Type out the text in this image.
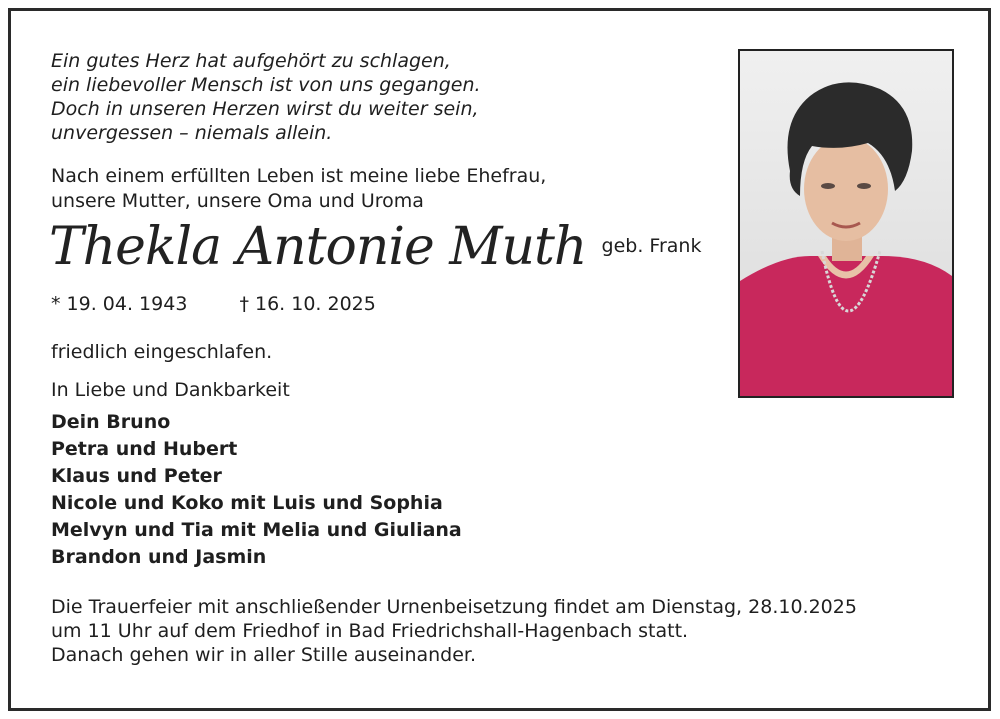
Ein gutes Herz hat aufgehört zu schlagen,
ein liebevoller Mensch ist von uns gegangen.
Doch in unseren Herzen wirst du weiter sein,
unvergessen – niemals allein.
Nach einem erfüllten Leben ist meine liebe Ehefrau,
unsere Mutter, unsere Oma und Uroma
Thekla Antonie Muth geb. Frank
* 19. 04. 1943	† 16. 10. 2025
friedlich eingeschlafen.
In Liebe und Dankbarkeit
Dein Bruno
Petra und Hubert
Klaus und Peter
Nicole und Koko mit Luis und Sophia
Melvyn und Tia mit Melia und Giuliana
Brandon und Jasmin
Die Trauerfeier mit anschließender Urnenbeisetzung findet am Dienstag, 28.10.2025
um 11 Uhr auf dem Friedhof in Bad Friedrichshall-Hagenbach statt.
Danach gehen wir in aller Stille auseinander.
